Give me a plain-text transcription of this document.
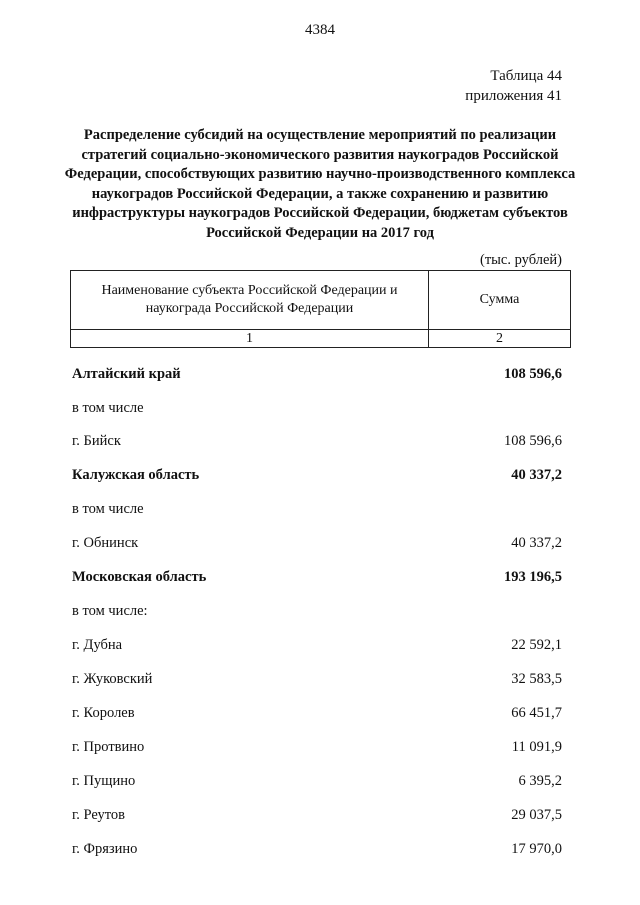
4384
Таблица 44
приложения 41
Распределение субсидий на осуществление мероприятий по реализации стратегий социально-экономического развития наукоградов Российской Федерации, способствующих развитию научно-производственного комплекса наукоградов Российской Федерации, а также сохранению и развитию инфраструктуры наукоградов Российской Федерации, бюджетам субъектов Российской Федерации на 2017 год
(тыс. рублей)
Наименование субъекта Российской Федерации и наукограда Российской Федерации	Сумма
1	2
Алтайский край	108 596,6
в том числе
г. Бийск	108 596,6
Калужская область	40 337,2
в том числе
г. Обнинск	40 337,2
Московская область	193 196,5
в том числе:
г. Дубна	22 592,1
г. Жуковский	32 583,5
г. Королев	66 451,7
г. Протвино	11 091,9
г. Пущино	6 395,2
г. Реутов	29 037,5
г. Фрязино	17 970,0
